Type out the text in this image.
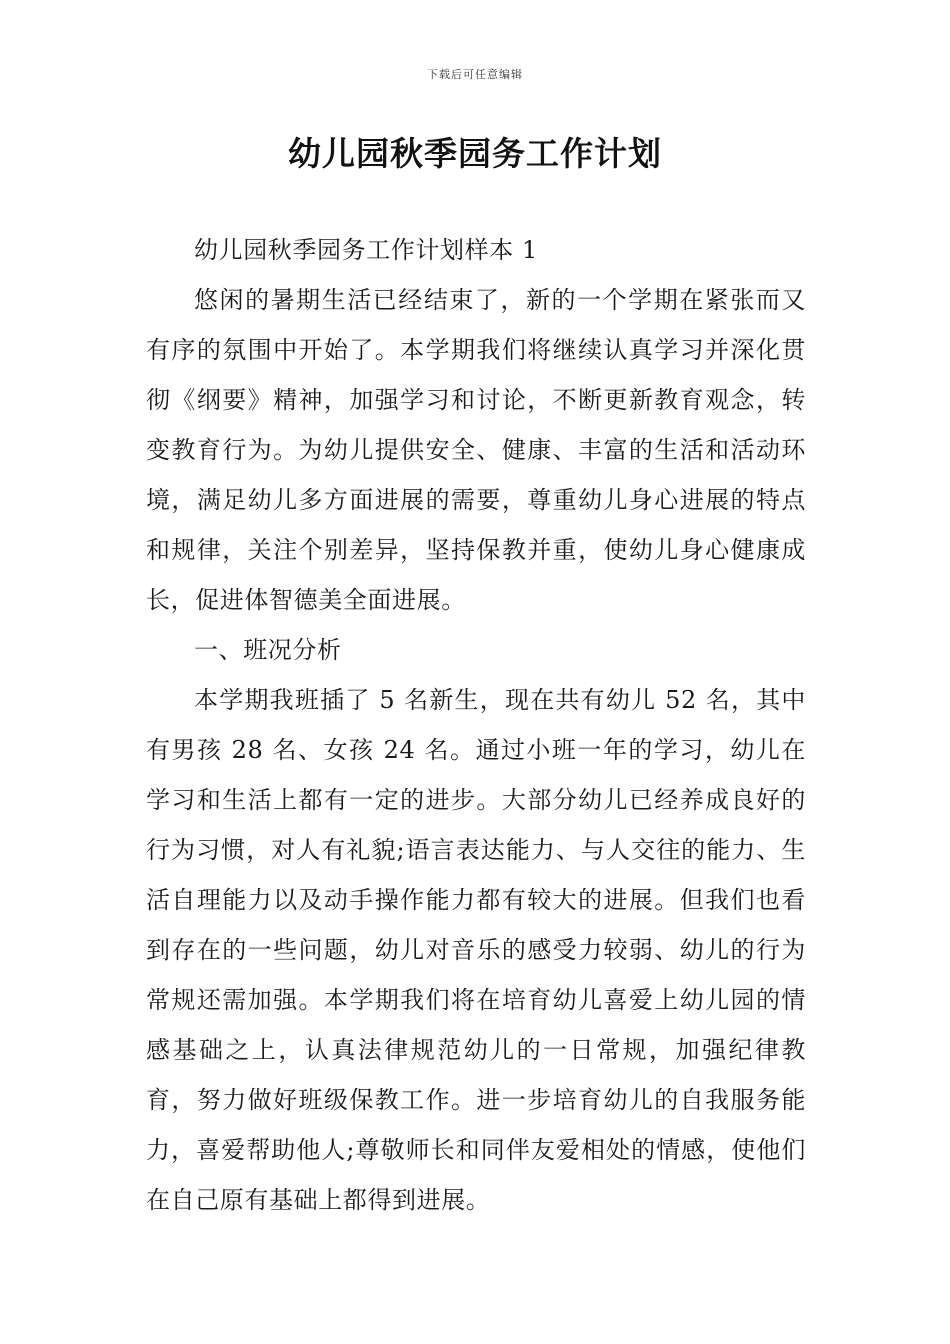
下载后可任意编辑
幼儿园秋季园务工作计划

幼儿园秋季园务工作计划样本 1

悠闲的暑期生活已经结束了，新的一个学期在紧张而又有序的氛围中开始了。本学期我们将继续认真学习并深化贯彻《纲要》精神，加强学习和讨论，不断更新教育观念，转变教育行为。为幼儿提供安全、健康、丰富的生活和活动环境，满足幼儿多方面进展的需要，尊重幼儿身心进展的特点和规律，关注个别差异，坚持保教并重，使幼儿身心健康成长，促进体智德美全面进展。

一、班况分析

本学期我班插了 5 名新生，现在共有幼儿 52 名，其中有男孩 28 名、女孩 24 名。通过小班一年的学习，幼儿在学习和生活上都有一定的进步。大部分幼儿已经养成良好的行为习惯，对人有礼貌;语言表达能力、与人交往的能力、生活自理能力以及动手操作能力都有较大的进展。但我们也看到存在的一些问题，幼儿对音乐的感受力较弱、幼儿的行为常规还需加强。本学期我们将在培育幼儿喜爱上幼儿园的情感基础之上，认真法律规范幼儿的一日常规，加强纪律教育，努力做好班级保教工作。进一步培育幼儿的自我服务能力，喜爱帮助他人;尊敬师长和同伴友爱相处的情感，使他们在自己原有基础上都得到进展。
